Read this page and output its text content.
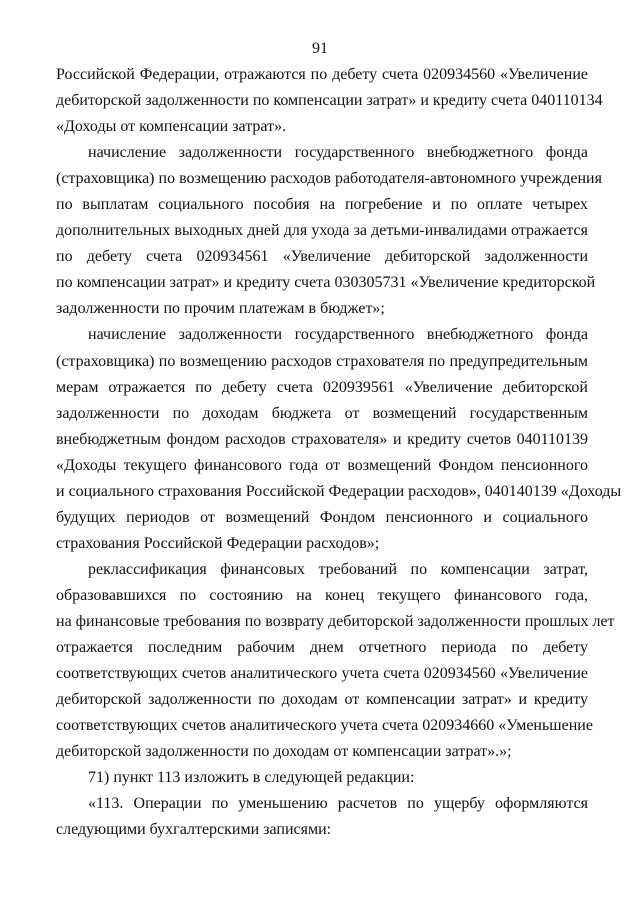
91
Российской Федерации, отражаются по дебету счета 020934560 «Увеличение
дебиторской задолженности по компенсации затрат» и кредиту счета 040110134
«Доходы от компенсации затрат».
начисление задолженности государственного внебюджетного фонда
(страховщика) по возмещению расходов работодателя-автономного учреждения
по выплатам социального пособия на погребение и по оплате четырех
дополнительных выходных дней для ухода за детьми-инвалидами отражается
по дебету счета 020934561 «Увеличение дебиторской задолженности
по компенсации затрат» и кредиту счета 030305731 «Увеличение кредиторской
задолженности по прочим платежам в бюджет»;
начисление задолженности государственного внебюджетного фонда
(страховщика) по возмещению расходов страхователя по предупредительным
мерам отражается по дебету счета 020939561 «Увеличение дебиторской
задолженности по доходам бюджета от возмещений государственным
внебюджетным фондом расходов страхователя» и кредиту счетов 040110139
«Доходы текущего финансового года от возмещений Фондом пенсионного
и социального страхования Российской Федерации расходов», 040140139 «Доходы
будущих периодов от возмещений Фондом пенсионного и социального
страхования Российской Федерации расходов»;
реклассификация финансовых требований по компенсации затрат,
образовавшихся по состоянию на конец текущего финансового года,
на финансовые требования по возврату дебиторской задолженности прошлых лет
отражается последним рабочим днем отчетного периода по дебету
соответствующих счетов аналитического учета счета 020934560 «Увеличение
дебиторской задолженности по доходам от компенсации затрат» и кредиту
соответствующих счетов аналитического учета счета 020934660 «Уменьшение
дебиторской задолженности по доходам от компенсации затрат».»;
71) пункт 113 изложить в следующей редакции:
«113. Операции по уменьшению расчетов по ущербу оформляются
следующими бухгалтерскими записями:
